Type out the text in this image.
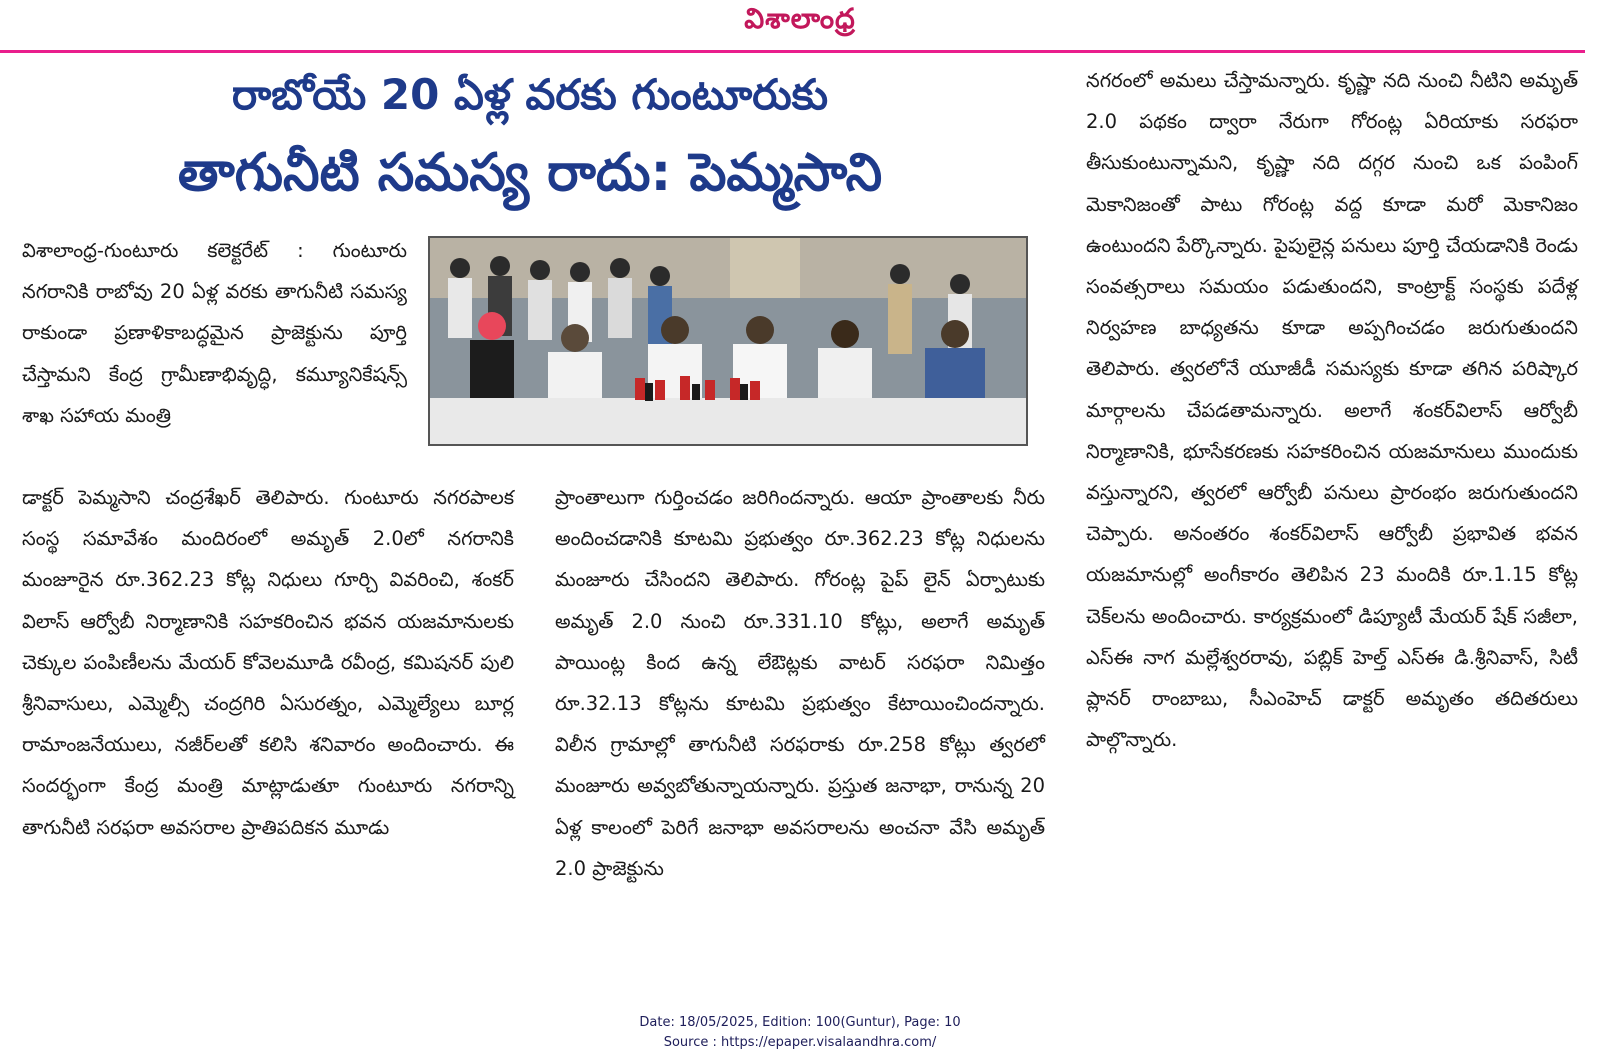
విశాలాంధ్ర
రాబోయే 20 ఏళ్ల వరకు గుంటూరుకు
తాగునీటి సమస్య రాదు: పెమ్మసాని
విశాలాంధ్ర-గుంటూరు కలెక్టరేట్ : గుంటూరు నగరానికి రాబోవు 20 ఏళ్ల వరకు తాగునీటి సమస్య రాకుండా ప్రణాళికాబద్ధమైన ప్రాజెక్టును పూర్తి చేస్తామని కేంద్ర గ్రామీణాభివృద్ధి, కమ్యూనికేషన్స్ శాఖ సహాయ మంత్రి
డాక్టర్ పెమ్మసాని చంద్రశేఖర్ తెలిపారు. గుంటూరు నగరపాలక సంస్థ సమావేశం మందిరంలో అమృత్ 2.0లో నగరానికి మంజూరైన రూ.362.23 కోట్ల నిధులు గూర్చి వివరించి, శంకర్ విలాస్ ఆర్వోబీ నిర్మాణానికి సహకరించిన భవన యజమానులకు చెక్కుల పంపిణీలను మేయర్ కోవెలమూడి రవీంద్ర, కమిషనర్ పులి శ్రీనివాసులు, ఎమ్మెల్సీ చంద్రగిరి ఏసురత్నం, ఎమ్మెల్యేలు బూర్ల రామాంజనేయులు, నజీర్‌లతో కలిసి శనివారం అందించారు. ఈ సందర్భంగా కేంద్ర మంత్రి మాట్లాడుతూ గుంటూరు నగరాన్ని తాగునీటి సరఫరా అవసరాల ప్రాతిపదికన మూడు
ప్రాంతాలుగా గుర్తించడం జరిగిందన్నారు. ఆయా ప్రాంతాలకు నీరు అందించడానికి కూటమి ప్రభుత్వం రూ.362.23 కోట్ల నిధులను మంజూరు చేసిందని తెలిపారు. గోరంట్ల పైప్ లైన్ ఏర్పాటుకు అమృత్ 2.0 నుంచి రూ.331.10 కోట్లు, అలాగే అమృత్ పాయింట్ల కింద ఉన్న లేఔట్లకు వాటర్ సరఫరా నిమిత్తం రూ.32.13 కోట్లను కూటమి ప్రభుత్వం కేటాయించిందన్నారు. విలీన గ్రామాల్లో తాగునీటి సరఫరాకు రూ.258 కోట్లు త్వరలో మంజూరు అవ్వబోతున్నాయన్నారు. ప్రస్తుత జనాభా, రానున్న 20 ఏళ్ల కాలంలో పెరిగే జనాభా అవసరాలను అంచనా వేసి అమృత్ 2.0 ప్రాజెక్టును
నగరంలో అమలు చేస్తామన్నారు. కృష్ణా నది నుంచి నీటిని అమృత్ 2.0 పథకం ద్వారా నేరుగా గోరంట్ల ఏరియాకు సరఫరా తీసుకుంటున్నామని, కృష్ణా నది దగ్గర నుంచి ఒక పంపింగ్ మెకానిజంతో పాటు గోరంట్ల వద్ద కూడా మరో మెకానిజం ఉంటుందని పేర్కొన్నారు. పైపులైన్ల పనులు పూర్తి చేయడానికి రెండు సంవత్సరాలు సమయం పడుతుందని, కాంట్రాక్ట్ సంస్థకు పదేళ్ల నిర్వహణ బాధ్యతను కూడా అప్పగించడం జరుగుతుందని తెలిపారు. త్వరలోనే యూజీడీ సమస్యకు కూడా తగిన పరిష్కార మార్గాలను చేపడతామన్నారు. అలాగే శంకర్‌విలాస్ ఆర్వోబీ నిర్మాణానికి, భూసేకరణకు సహకరించిన యజమానులు ముందుకు వస్తున్నారని, త్వరలో ఆర్వోబీ పనులు ప్రారంభం జరుగుతుందని చెప్పారు. అనంతరం శంకర్‌విలాస్ ఆర్వోబీ ప్రభావిత భవన యజమానుల్లో అంగీకారం తెలిపిన 23 మందికి రూ.1.15 కోట్ల చెక్‌లను అందించారు. కార్యక్రమంలో డిప్యూటీ మేయర్ షేక్ సజీలా, ఎస్ఈ నాగ మల్లేశ్వరరావు, పబ్లిక్ హెల్త్ ఎస్ఈ డి.శ్రీనివాస్, సిటీ ప్లానర్ రాంబాబు, సీఎంహెచ్ డాక్టర్ అమృతం తదితరులు పాల్గొన్నారు.
Date: 18/05/2025, Edition: 100(Guntur), Page: 10
Source : https://epaper.visalaandhra.com/
